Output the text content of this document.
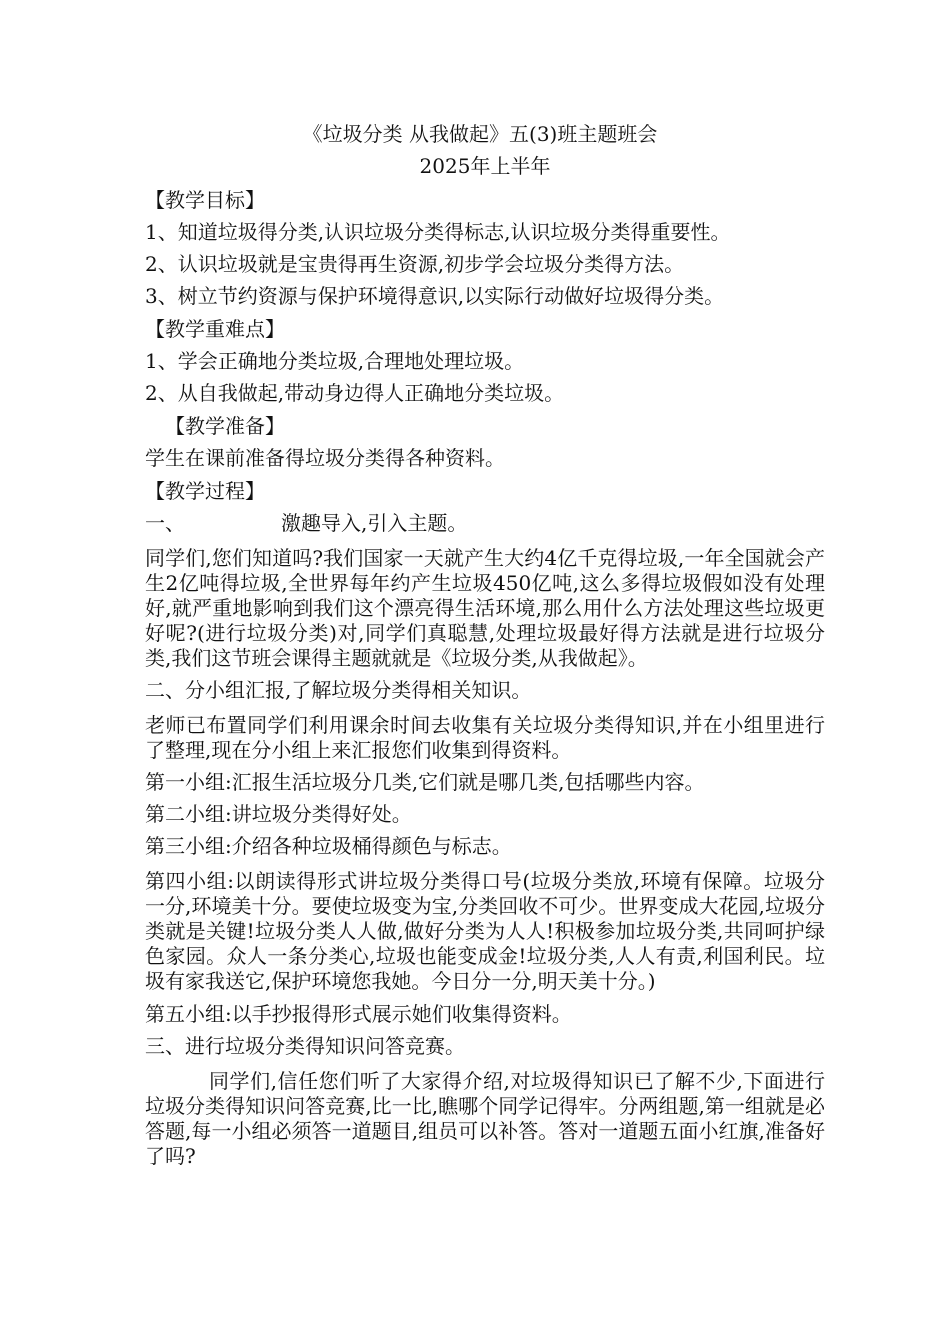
《垃圾分类 从我做起》五(3)班主题班会
2025年上半年
【教学目标】
1、知道垃圾得分类,认识垃圾分类得标志,认识垃圾分类得重要性。
2、认识垃圾就是宝贵得再生资源,初步学会垃圾分类得方法。
3、树立节约资源与保护环境得意识,以实际行动做好垃圾得分类。
【教学重难点】
1、学会正确地分类垃圾,合理地处理垃圾。
2、从自我做起,带动身边得人正确地分类垃圾。
【教学准备】
学生在课前准备得垃圾分类得各种资料。
【教学过程】
一、	激趣导入,引入主题。

同学们,您们知道吗?我们国家一天就产生大约4亿千克得垃圾,一年全国就会产生2亿吨得垃圾,全世界每年约产生垃圾450亿吨,这么多得垃圾假如没有处理好,就严重地影响到我们这个漂亮得生活环境,那么用什么方法处理这些垃圾更好呢?(进行垃圾分类)对,同学们真聪慧,处理垃圾最好得方法就是进行垃圾分类,我们这节班会课得主题就就是《垃圾分类,从我做起》。

二、分小组汇报,了解垃圾分类得相关知识。

老师已布置同学们利用课余时间去收集有关垃圾分类得知识,并在小组里进行了整理,现在分小组上来汇报您们收集到得资料。

第一小组:汇报生活垃圾分几类,它们就是哪几类,包括哪些内容。
第二小组:讲垃圾分类得好处。
第三小组:介绍各种垃圾桶得颜色与标志。

第四小组:以朗读得形式讲垃圾分类得口号(垃圾分类放,环境有保障。垃圾分一分,环境美十分。要使垃圾变为宝,分类回收不可少。世界变成大花园,垃圾分类就是关键!垃圾分类人人做,做好分类为人人!积极参加垃圾分类,共同呵护绿色家园。众人一条分类心,垃圾也能变成金!垃圾分类,人人有责,利国利民。垃圾有家我送它,保护环境您我她。今日分一分,明天美十分。)

第五小组:以手抄报得形式展示她们收集得资料。
三、进行垃圾分类得知识问答竞赛。

同学们,信任您们听了大家得介绍,对垃圾得知识已了解不少,下面进行垃圾分类得知识问答竞赛,比一比,瞧哪个同学记得牢。分两组题,第一组就是必答题,每一小组必须答一道题目,组员可以补答。答对一道题五面小红旗,准备好了吗?
